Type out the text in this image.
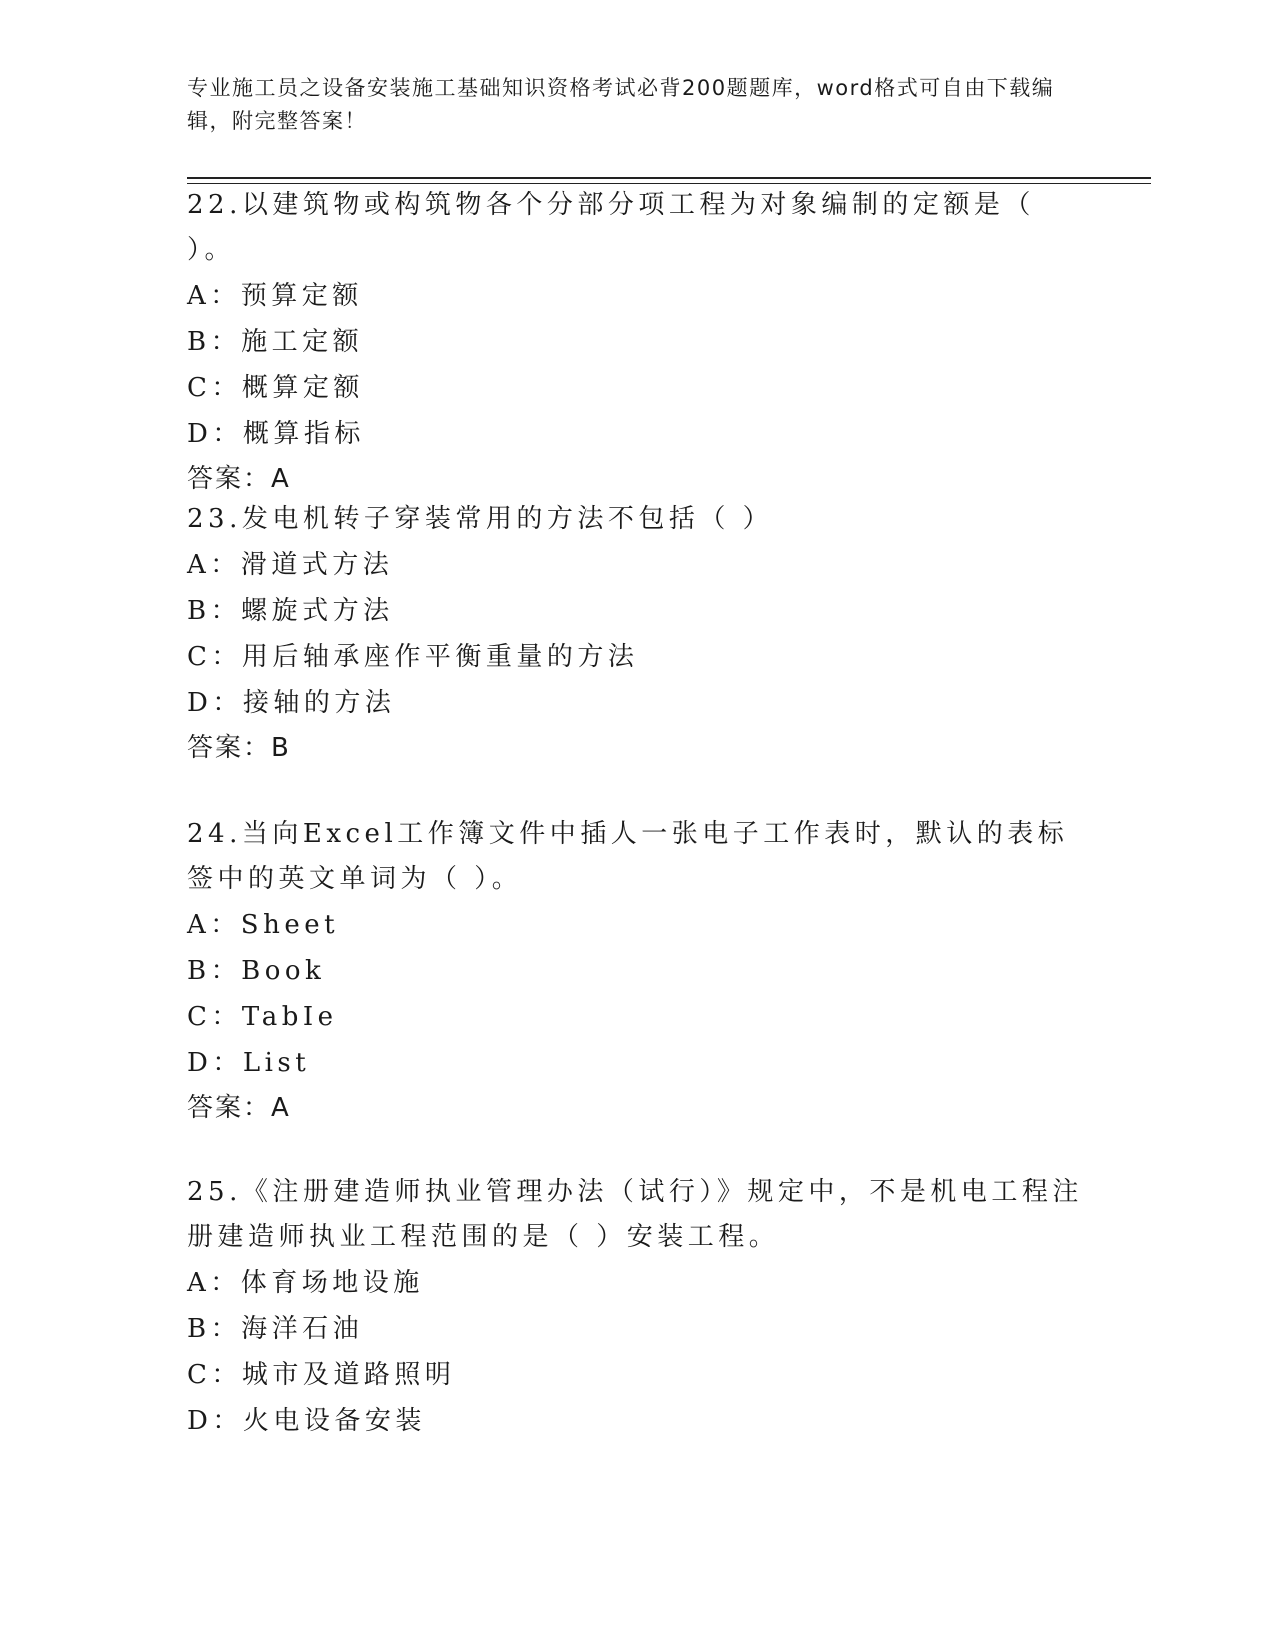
专业施工员之设备安装施工基础知识资格考试必背200题题库，word格式可自由下载编辑，附完整答案！
22.以建筑物或构筑物各个分部分项工程为对象编制的定额是（ ）。
A：预算定额
B：施工定额
C：概算定额
D：概算指标
答案：A
23.发电机转子穿装常用的方法不包括（ ）
A：滑道式方法
B：螺旋式方法
C：用后轴承座作平衡重量的方法
D：接轴的方法
答案：B
24.当向Excel工作簿文件中插人一张电子工作表时，默认的表标签中的英文单词为（ ）。
A：Sheet
B：Book
C：TabIe
D：List
答案：A
25.《注册建造师执业管理办法（试行）》规定中，不是机电工程注册建造师执业工程范围的是（ ）安装工程。
A：体育场地设施
B：海洋石油
C：城市及道路照明
D：火电设备安装
